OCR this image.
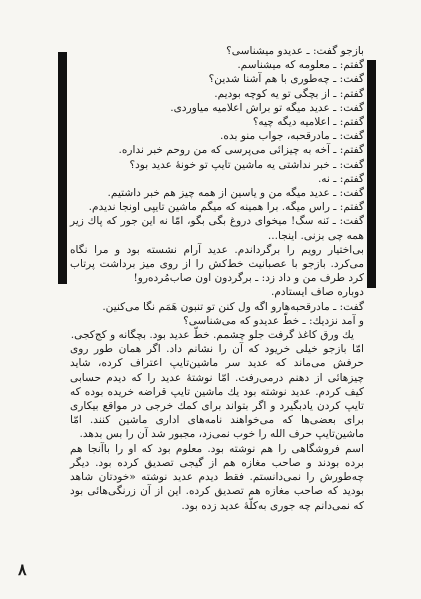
بازجو گفت: ـ عدیدو میشناسی؟

گفتم: ـ معلومه که میشناسم.

گفت: ـ چه‌طوری با هم آشنا شدین؟

گفتم: ـ از بچگی تو یه کوچه بودیم.

گفت: ـ عدید میگه تو براش اعلامیه میاوردی.

گفتم: ـ اعلامیه دیگه چیه؟

گفت: ـ مادرقحبه، جواب منو بده.

گفتم: ـ آخه به چیزائی می‌پرسی که من روحم خبر نداره.

گفت: ـ خبر نداشتی یه ماشین تایپ تو خونهٔ عدید بود؟

گفتم: ـ نه.

گفت: ـ عدید میگه من و یاسین از همه چیز هم خبر داشتیم.

گفتم: ـ راس میگه. برا همینه که میگم ماشین تایپی اونجا ندیدم.

گفت: ـ نَنه سگ! میخوای دروغ بگی بگو، امّا نه این جور که پاك زیر همه چی بزنی. اینجا...

بی‌اختیار رویم را برگرداندم. عدید آرام نشسته بود و مرا نگاه می‌کرد. بازجو با عصبانیت خط‌کش را از روی میز برداشت پرتاب کرد طرف من و داد زد: ـ برگردون اون صاب‌مُرده‌رو!

دوباره صاف ایستادم.

گفت: ـ مادرقحبه‌هارو اگه ول کنن تو تنبون هَمَم نگا می‌کنین.

و آمد نزدیك: ـ خطّ عدیدو که می‌شناسی؟

یك ورق کاغذ گرفت جلو چشمم. خطّ عدید بود. بچگانه و کج‌کجی.

امّا بازجو خیلی خریود که آن را نشانم داد. اگر همان طور روی حرفش می‌ماند که عدید سر ماشین‌تایپ اعتراف کرده، شاید چیزهائی از دهنم درمی‌رفت. امّا نوشتهٔ عدید را که دیدم حسابی کیف کردم. عدید نوشته بود یك ماشین تایپ قراضه خریده بوده که تایپ کردن یادبگیرد و اگر بتواند برای کمك خرجی در مواقع بیکاری برای بعضی‌ها که می‌خواهند نامه‌های اداری ماشین کنند. امّا ماشین‌تایپ حرف الله را خوب نمی‌زد، مجبور شد آن را بس بدهد.

اسم فروشگاهی را هم نوشته بود. معلوم بود که او را با‌آنجا هم برده بودند و صاحب مغازه هم از گیجی تصدیق کرده بود. دیگر چه‌طورش را نمی‌دانستم. فقط دیدم عدید نوشته «خودتان شاهد بودید که صاحب مغازه هم تصدیق کرده. این از آن زرنگی‌هائی بود که نمی‌دانم چه جوری به‌کلّهٔ عدید زده بود.

۸
